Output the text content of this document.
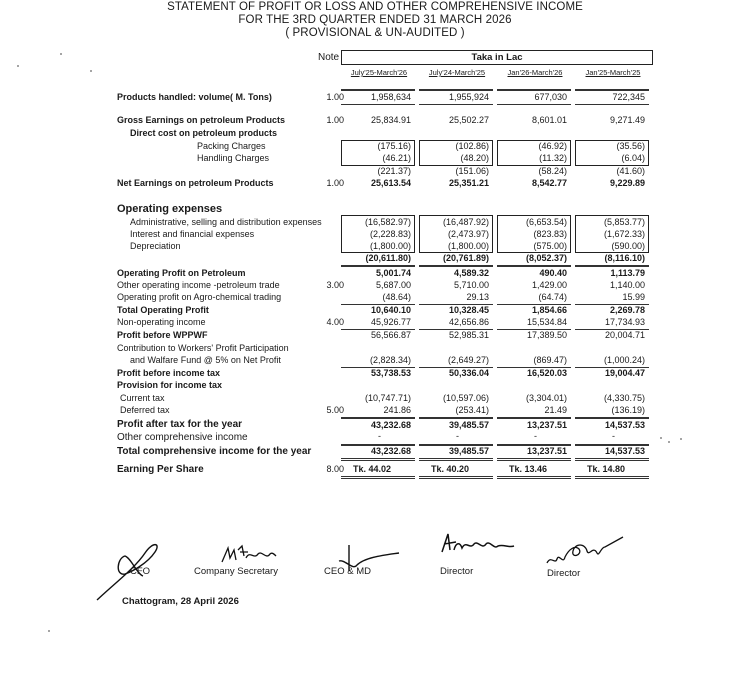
STATEMENT OF PROFIT OR LOSS AND OTHER COMPREHENSIVE INCOME
FOR THE 3RD QUARTER ENDED 31 MARCH 2026
( PROVISIONAL & UN-AUDITED )
Note	Taka in Lac
July'25-March'26	July'24-March'25	Jan'26-March'26	Jan'25-March'25
Products handled: volume( M. Tons)	1.00	1,958,634	1,955,924	677,030	722,345
Gross Earnings on petroleum Products	1.00	25,834.91	25,502.27	8,601.01	9,271.49
Direct cost on petroleum products
Packing Charges	(175.16)	(102.86)	(46.92)	(35.56)
Handling Charges	(46.21)	(48.20)	(11.32)	(6.04)
(221.37)	(151.06)	(58.24)	(41.60)
Net Earnings on petroleum Products	1.00	25,613.54	25,351.21	8,542.77	9,229.89
Operating expenses
Administrative, selling and distribution expenses	(16,582.97)	(16,487.92)	(6,653.54)	(5,853.77)
Interest and financial expenses	(2,228.83)	(2,473.97)	(823.83)	(1,672.33)
Depreciation	(1,800.00)	(1,800.00)	(575.00)	(590.00)
(20,611.80)	(20,761.89)	(8,052.37)	(8,116.10)
Operating Profit on Petroleum	5,001.74	4,589.32	490.40	1,113.79
Other operating income -petroleum trade	3.00	5,687.00	5,710.00	1,429.00	1,140.00
Operating profit on Agro-chemical trading	(48.64)	29.13	(64.74)	15.99
Total Operating Profit	10,640.10	10,328.45	1,854.66	2,269.78
Non-operating income	4.00	45,926.77	42,656.86	15,534.84	17,734.93
Profit before WPPWF	56,566.87	52,985.31	17,389.50	20,004.71
Contribution to Workers' Profit Participation
and Walfare Fund @ 5% on Net Profit	(2,828.34)	(2,649.27)	(869.47)	(1,000.24)
Profit before income tax	53,738.53	50,336.04	16,520.03	19,004.47
Provision for income tax
Current tax	(10,747.71)	(10,597.06)	(3,304.01)	(4,330.75)
Deferred tax	5.00	241.86	(253.41)	21.49	(136.19)
Profit after tax for the year	43,232.68	39,485.57	13,237.51	14,537.53
Other comprehensive income	-	-	-	-
Total comprehensive income for the year	43,232.68	39,485.57	13,237.51	14,537.53
Earning Per Share	8.00 Tk. 44.02	Tk. 40.20	Tk. 13.46	Tk. 14.80
CFO	Company Secretary	CEO & MD	Director	Director
Chattogram, 28 April 2026
